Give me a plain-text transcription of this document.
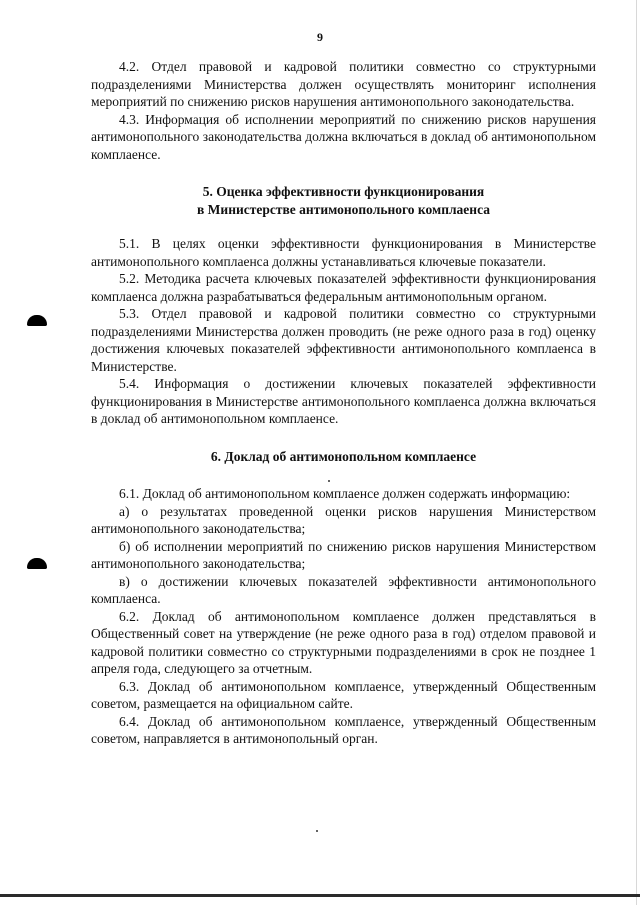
9

4.2. Отдел правовой и кадровой политики совместно со структурными подразделениями Министерства должен осуществлять мониторинг исполнения мероприятий по снижению рисков нарушения антимонопольного законодательства.

4.3. Информация об исполнении мероприятий по снижению рисков нарушения антимонопольного законодательства должна включаться в доклад об антимонопольном комплаенсе.

5. Оценка эффективности функционирования
в Министерстве антимонопольного комплаенса

5.1. В целях оценки эффективности функционирования в Министерстве антимонопольного комплаенса должны устанавливаться ключевые показатели.

5.2. Методика расчета ключевых показателей эффективности функционирования комплаенса должна разрабатываться федеральным антимонопольным органом.

5.3. Отдел правовой и кадровой политики совместно со структурными подразделениями Министерства должен проводить (не реже одного раза в год) оценку достижения ключевых показателей эффективности антимонопольного комплаенса в Министерстве.

5.4. Информация о достижении ключевых показателей эффективности функционирования в Министерстве антимонопольного комплаенса должна включаться в доклад об антимонопольном комплаенсе.

6. Доклад об антимонопольном комплаенсе

6.1. Доклад об антимонопольном комплаенсе должен содержать информацию:

а) о результатах проведенной оценки рисков нарушения Министерством антимонопольного законодательства;

б) об исполнении мероприятий по снижению рисков нарушения Министерством антимонопольного законодательства;

в) о достижении ключевых показателей эффективности антимонопольного комплаенса.

6.2. Доклад об антимонопольном комплаенсе должен представляться в Общественный совет на утверждение (не реже одного раза в год) отделом правовой и кадровой политики совместно со структурными подразделениями в срок не позднее 1 апреля года, следующего за отчетным.

6.3. Доклад об антимонопольном комплаенсе, утвержденный Общественным советом, размещается на официальном сайте.

6.4. Доклад об антимонопольном комплаенсе, утвержденный Общественным советом, направляется в антимонопольный орган.
